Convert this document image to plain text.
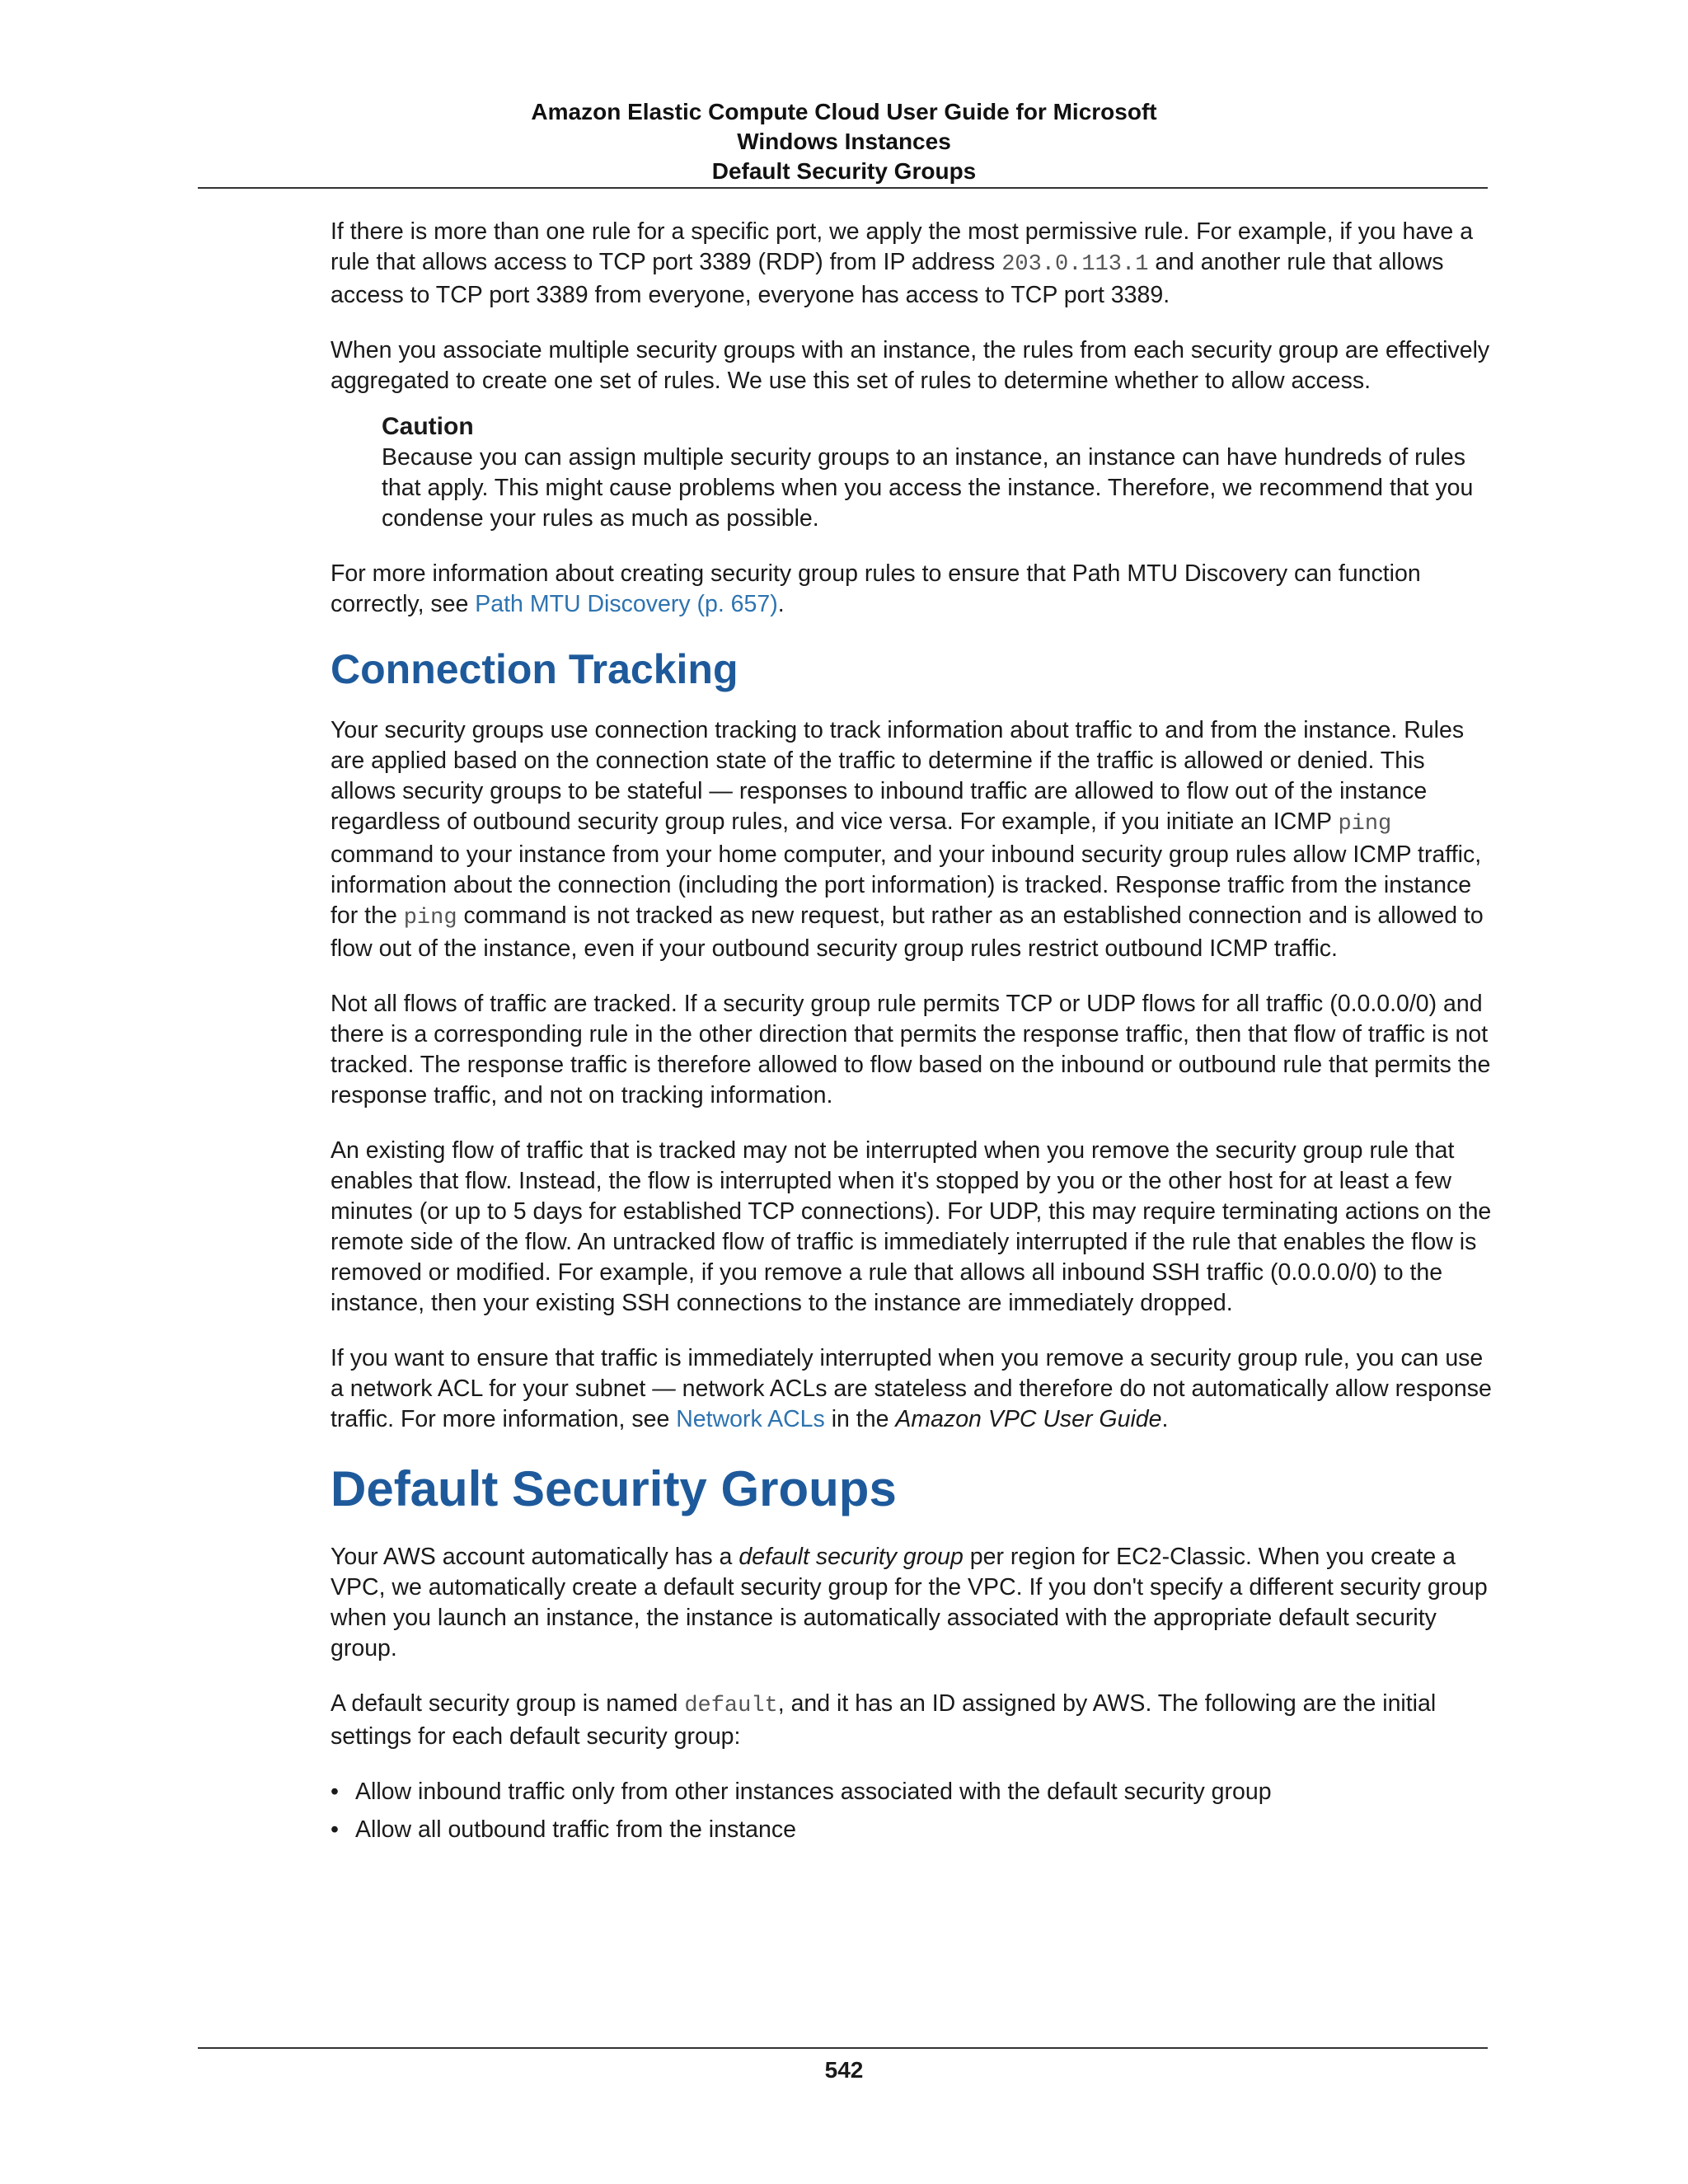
Amazon Elastic Compute Cloud User Guide for Microsoft
Windows Instances
Default Security Groups

If there is more than one rule for a specific port, we apply the most permissive rule. For example, if you have a rule that allows access to TCP port 3389 (RDP) from IP address 203.0.113.1 and another rule that allows access to TCP port 3389 from everyone, everyone has access to TCP port 3389.

When you associate multiple security groups with an instance, the rules from each security group are effectively aggregated to create one set of rules. We use this set of rules to determine whether to allow access.

Caution

Because you can assign multiple security groups to an instance, an instance can have hundreds of rules that apply. This might cause problems when you access the instance. Therefore, we recommend that you condense your rules as much as possible.

For more information about creating security group rules to ensure that Path MTU Discovery can function correctly, see Path MTU Discovery (p. 657).

Connection Tracking

Your security groups use connection tracking to track information about traffic to and from the instance. Rules are applied based on the connection state of the traffic to determine if the traffic is allowed or denied. This allows security groups to be stateful — responses to inbound traffic are allowed to flow out of the instance regardless of outbound security group rules, and vice versa. For example, if you initiate an ICMP ping command to your instance from your home computer, and your inbound security group rules allow ICMP traffic, information about the connection (including the port information) is tracked. Response traffic from the instance for the ping command is not tracked as new request, but rather as an established connection and is allowed to flow out of the instance, even if your outbound security group rules restrict outbound ICMP traffic.

Not all flows of traffic are tracked. If a security group rule permits TCP or UDP flows for all traffic (0.0.0.0/0) and there is a corresponding rule in the other direction that permits the response traffic, then that flow of traffic is not tracked. The response traffic is therefore allowed to flow based on the inbound or outbound rule that permits the response traffic, and not on tracking information.

An existing flow of traffic that is tracked may not be interrupted when you remove the security group rule that enables that flow. Instead, the flow is interrupted when it's stopped by you or the other host for at least a few minutes (or up to 5 days for established TCP connections). For UDP, this may require terminating actions on the remote side of the flow. An untracked flow of traffic is immediately interrupted if the rule that enables the flow is removed or modified. For example, if you remove a rule that allows all inbound SSH traffic (0.0.0.0/0) to the instance, then your existing SSH connections to the instance are immediately dropped.

If you want to ensure that traffic is immediately interrupted when you remove a security group rule, you can use a network ACL for your subnet — network ACLs are stateless and therefore do not automatically allow response traffic. For more information, see Network ACLs in the Amazon VPC User Guide.

Default Security Groups

Your AWS account automatically has a default security group per region for EC2-Classic. When you create a VPC, we automatically create a default security group for the VPC. If you don't specify a different security group when you launch an instance, the instance is automatically associated with the appropriate default security group.

A default security group is named default, and it has an ID assigned by AWS. The following are the initial settings for each default security group:

• Allow inbound traffic only from other instances associated with the default security group
• Allow all outbound traffic from the instance
542
